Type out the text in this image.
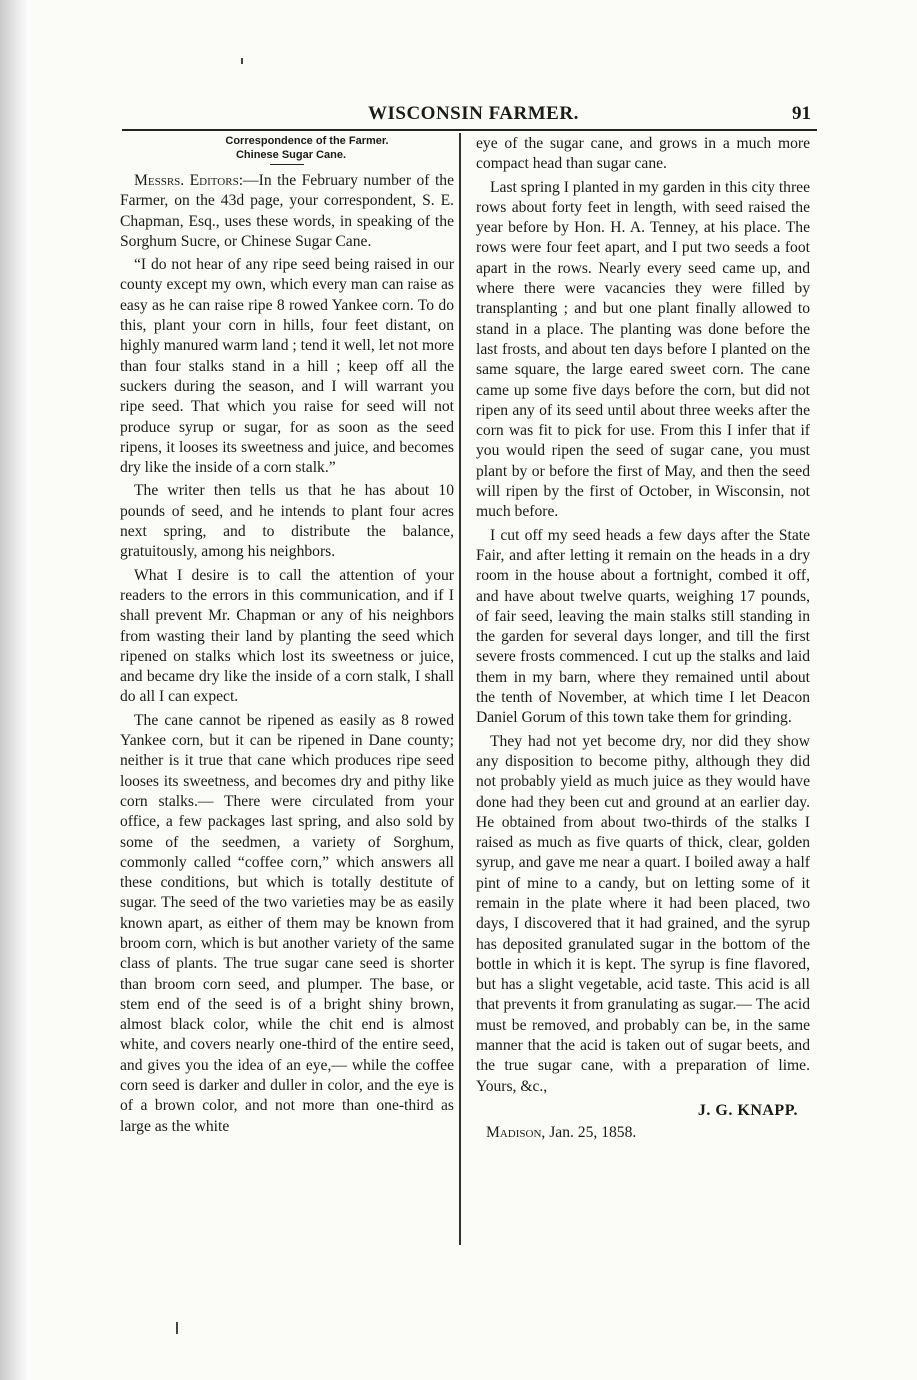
WISCONSIN FARMER.	91
Correspondence of the Farmer.
Chinese Sugar Cane.

Messrs. Editors:—In the February number of the Farmer, on the 43d page, your correspondent, S. E. Chapman, Esq., uses these words, in speaking of the Sorghum Sucre, or Chinese Sugar Cane.

“I do not hear of any ripe seed being raised in our county except my own, which every man can raise as easy as he can raise ripe 8 rowed Yankee corn. To do this, plant your corn in hills, four feet distant, on highly manured warm land ; tend it well, let not more than four stalks stand in a hill ; keep off all the suckers during the season, and I will warrant you ripe seed. That which you raise for seed will not produce syrup or sugar, for as soon as the seed ripens, it looses its sweetness and juice, and becomes dry like the inside of a corn stalk.”

The writer then tells us that he has about 10 pounds of seed, and he intends to plant four acres next spring, and to distribute the balance, gratuitously, among his neighbors.

What I desire is to call the attention of your readers to the errors in this communication, and if I shall prevent Mr. Chapman or any of his neighbors from wasting their land by planting the seed which ripened on stalks which lost its sweetness or juice, and became dry like the inside of a corn stalk, I shall do all I can expect.

The cane cannot be ripened as easily as 8 rowed Yankee corn, but it can be ripened in Dane county; neither is it true that cane which produces ripe seed looses its sweetness, and becomes dry and pithy like corn stalks.— There were circulated from your office, a few packages last spring, and also sold by some of the seedmen, a variety of Sorghum, commonly called “coffee corn,” which answers all these conditions, but which is totally destitute of sugar. The seed of the two varieties may be as easily known apart, as either of them may be known from broom corn, which is but another variety of the same class of plants. The true sugar cane seed is shorter than broom corn seed, and plumper. The base, or stem end of the seed is of a bright shiny brown, almost black color, while the chit end is almost white, and covers nearly one-third of the entire seed, and gives you the idea of an eye,— while the coffee corn seed is darker and duller in color, and the eye is of a brown color, and not more than one-third as large as the white

eye of the sugar cane, and grows in a much more compact head than sugar cane.

Last spring I planted in my garden in this city three rows about forty feet in length, with seed raised the year before by Hon. H. A. Tenney, at his place. The rows were four feet apart, and I put two seeds a foot apart in the rows. Nearly every seed came up, and where there were vacancies they were filled by transplanting ; and but one plant finally allowed to stand in a place. The planting was done before the last frosts, and about ten days before I planted on the same square, the large eared sweet corn. The cane came up some five days before the corn, but did not ripen any of its seed until about three weeks after the corn was fit to pick for use. From this I infer that if you would ripen the seed of sugar cane, you must plant by or before the first of May, and then the seed will ripen by the first of October, in Wisconsin, not much before.

I cut off my seed heads a few days after the State Fair, and after letting it remain on the heads in a dry room in the house about a fortnight, combed it off, and have about twelve quarts, weighing 17 pounds, of fair seed, leaving the main stalks still standing in the garden for several days longer, and till the first severe frosts commenced. I cut up the stalks and laid them in my barn, where they remained until about the tenth of November, at which time I let Deacon Daniel Gorum of this town take them for grinding.

They had not yet become dry, nor did they show any disposition to become pithy, although they did not probably yield as much juice as they would have done had they been cut and ground at an earlier day. He obtained from about two-thirds of the stalks I raised as much as five quarts of thick, clear, golden syrup, and gave me near a quart. I boiled away a half pint of mine to a candy, but on letting some of it remain in the plate where it had been placed, two days, I discovered that it had grained, and the syrup has deposited granulated sugar in the bottom of the bottle in which it is kept. The syrup is fine flavored, but has a slight vegetable, acid taste. This acid is all that prevents it from granulating as sugar.— The acid must be removed, and probably can be, in the same manner that the acid is taken out of sugar beets, and the true sugar cane, with a preparation of lime. Yours, &c.,

J. G. KNAPP.
Madison, Jan. 25, 1858.
